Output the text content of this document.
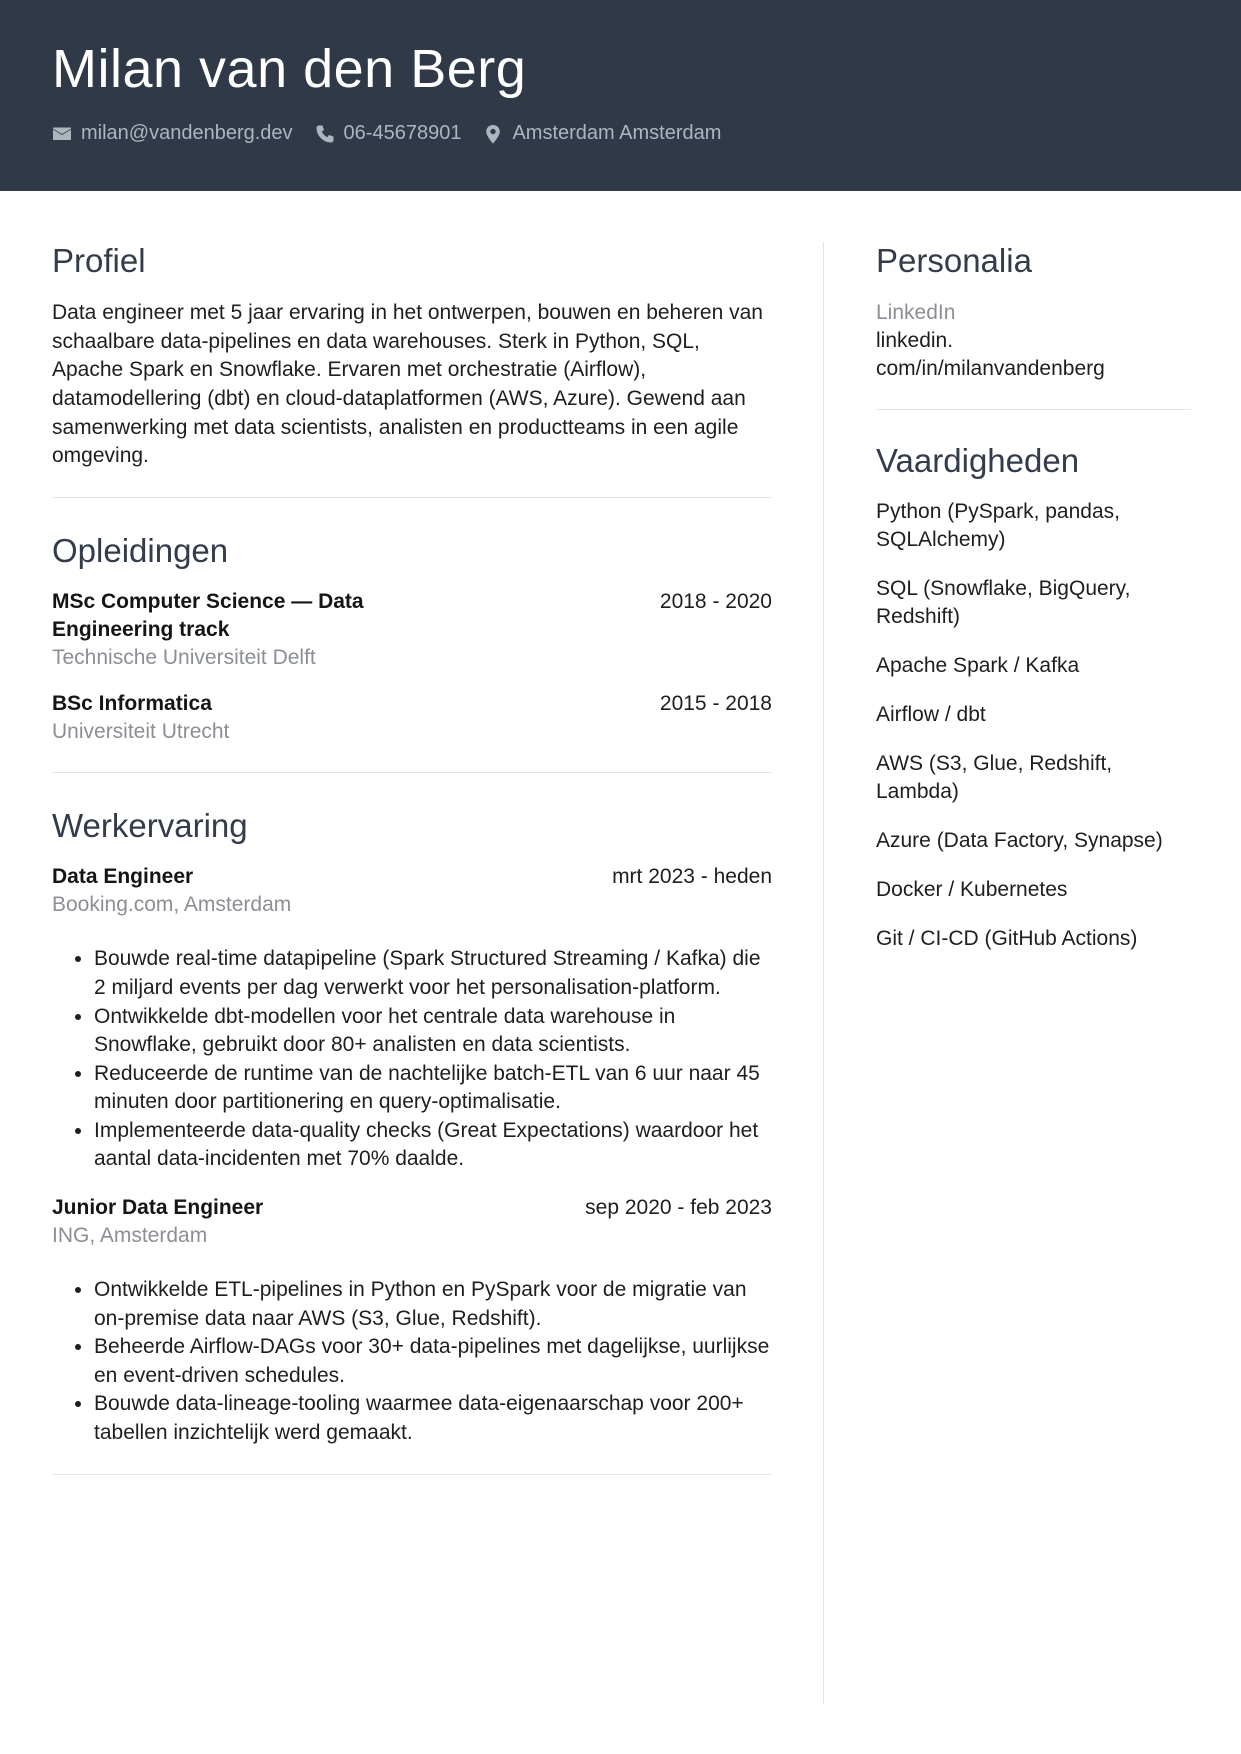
Milan van den Berg
milan@vandenberg.dev	06-45678901	Amsterdam Amsterdam
Profiel

Data engineer met 5 jaar ervaring in het ontwerpen, bouwen en beheren van schaalbare data-pipelines en data warehouses. Sterk in Python, SQL, Apache Spark en Snowflake. Ervaren met orchestratie (Airflow), datamodellering (dbt) en cloud-dataplatformen (AWS, Azure). Gewend aan samenwerking met data scientists, analisten en productteams in een agile omgeving.

Opleidingen
MSc Computer Science — Data Engineering track
2018 - 2020
Technische Universiteit Delft
BSc Informatica	2015 - 2018
Universiteit Utrecht
Werkervaring
Data Engineer	mrt 2023 - heden
Booking.com, Amsterdam
• Bouwde real-time datapipeline (Spark Structured Streaming / Kafka) die 2 miljard events per dag verwerkt voor het personalisation-platform.
• Ontwikkelde dbt-modellen voor het centrale data warehouse in Snowflake, gebruikt door 80+ analisten en data scientists.
• Reduceerde de runtime van de nachtelijke batch-ETL van 6 uur naar 45 minuten door partitionering en query-optimalisatie.
• Implementeerde data-quality checks (Great Expectations) waardoor het aantal data-incidenten met 70% daalde.
Junior Data Engineer	sep 2020 - feb 2023
ING, Amsterdam
• Ontwikkelde ETL-pipelines in Python en PySpark voor de migratie van on-premise data naar AWS (S3, Glue, Redshift).
• Beheerde Airflow-DAGs voor 30+ data-pipelines met dagelijkse, uurlijkse en event-driven schedules.
• Bouwde data-lineage-tooling waarmee data-eigenaarschap voor 200+ tabellen inzichtelijk werd gemaakt.
Personalia
LinkedIn
linkedin.
com/in/milanvandenberg
Vaardigheden
Python (PySpark, pandas, SQLAlchemy)
SQL (Snowflake, BigQuery, Redshift)
Apache Spark / Kafka
Airflow / dbt
AWS (S3, Glue, Redshift, Lambda)
Azure (Data Factory, Synapse)
Docker / Kubernetes
Git / CI-CD (GitHub Actions)
